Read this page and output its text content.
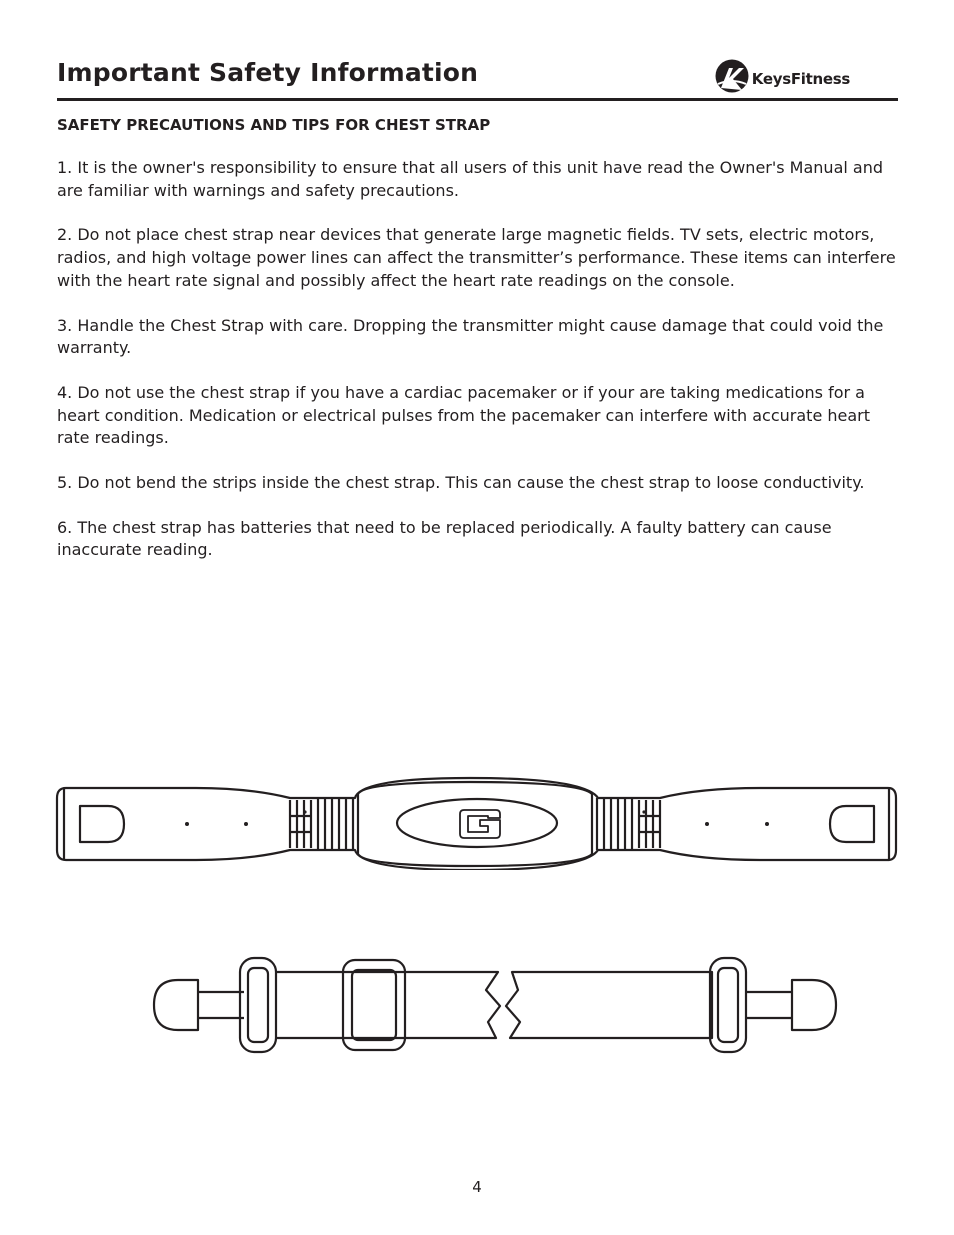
Important Safety Information	KeysFitness
SAFETY PRECAUTIONS AND TIPS FOR CHEST STRAP

1. It is the owner's responsibility to ensure that all users of this unit have read the Owner's Manual and are familiar with warnings and safety precautions.

2. Do not place chest strap near devices that generate large magnetic fields. TV sets, electric motors, radios, and high voltage power lines can affect the transmitter’s performance. These items can interfere with the heart rate signal and possibly affect the heart rate readings on the console.

3. Handle the Chest Strap with care. Dropping the transmitter might cause damage that could void the warranty.

4. Do not use the chest strap if you have a cardiac pacemaker or if your are taking medications for a heart condition. Medication or electrical pulses from the pacemaker can interfere with accurate heart rate readings.

5. Do not bend the strips inside the chest strap. This can cause the chest strap to loose conductivity.

6. The chest strap has batteries that need to be replaced periodically. A faulty battery can cause inaccurate reading.

4
